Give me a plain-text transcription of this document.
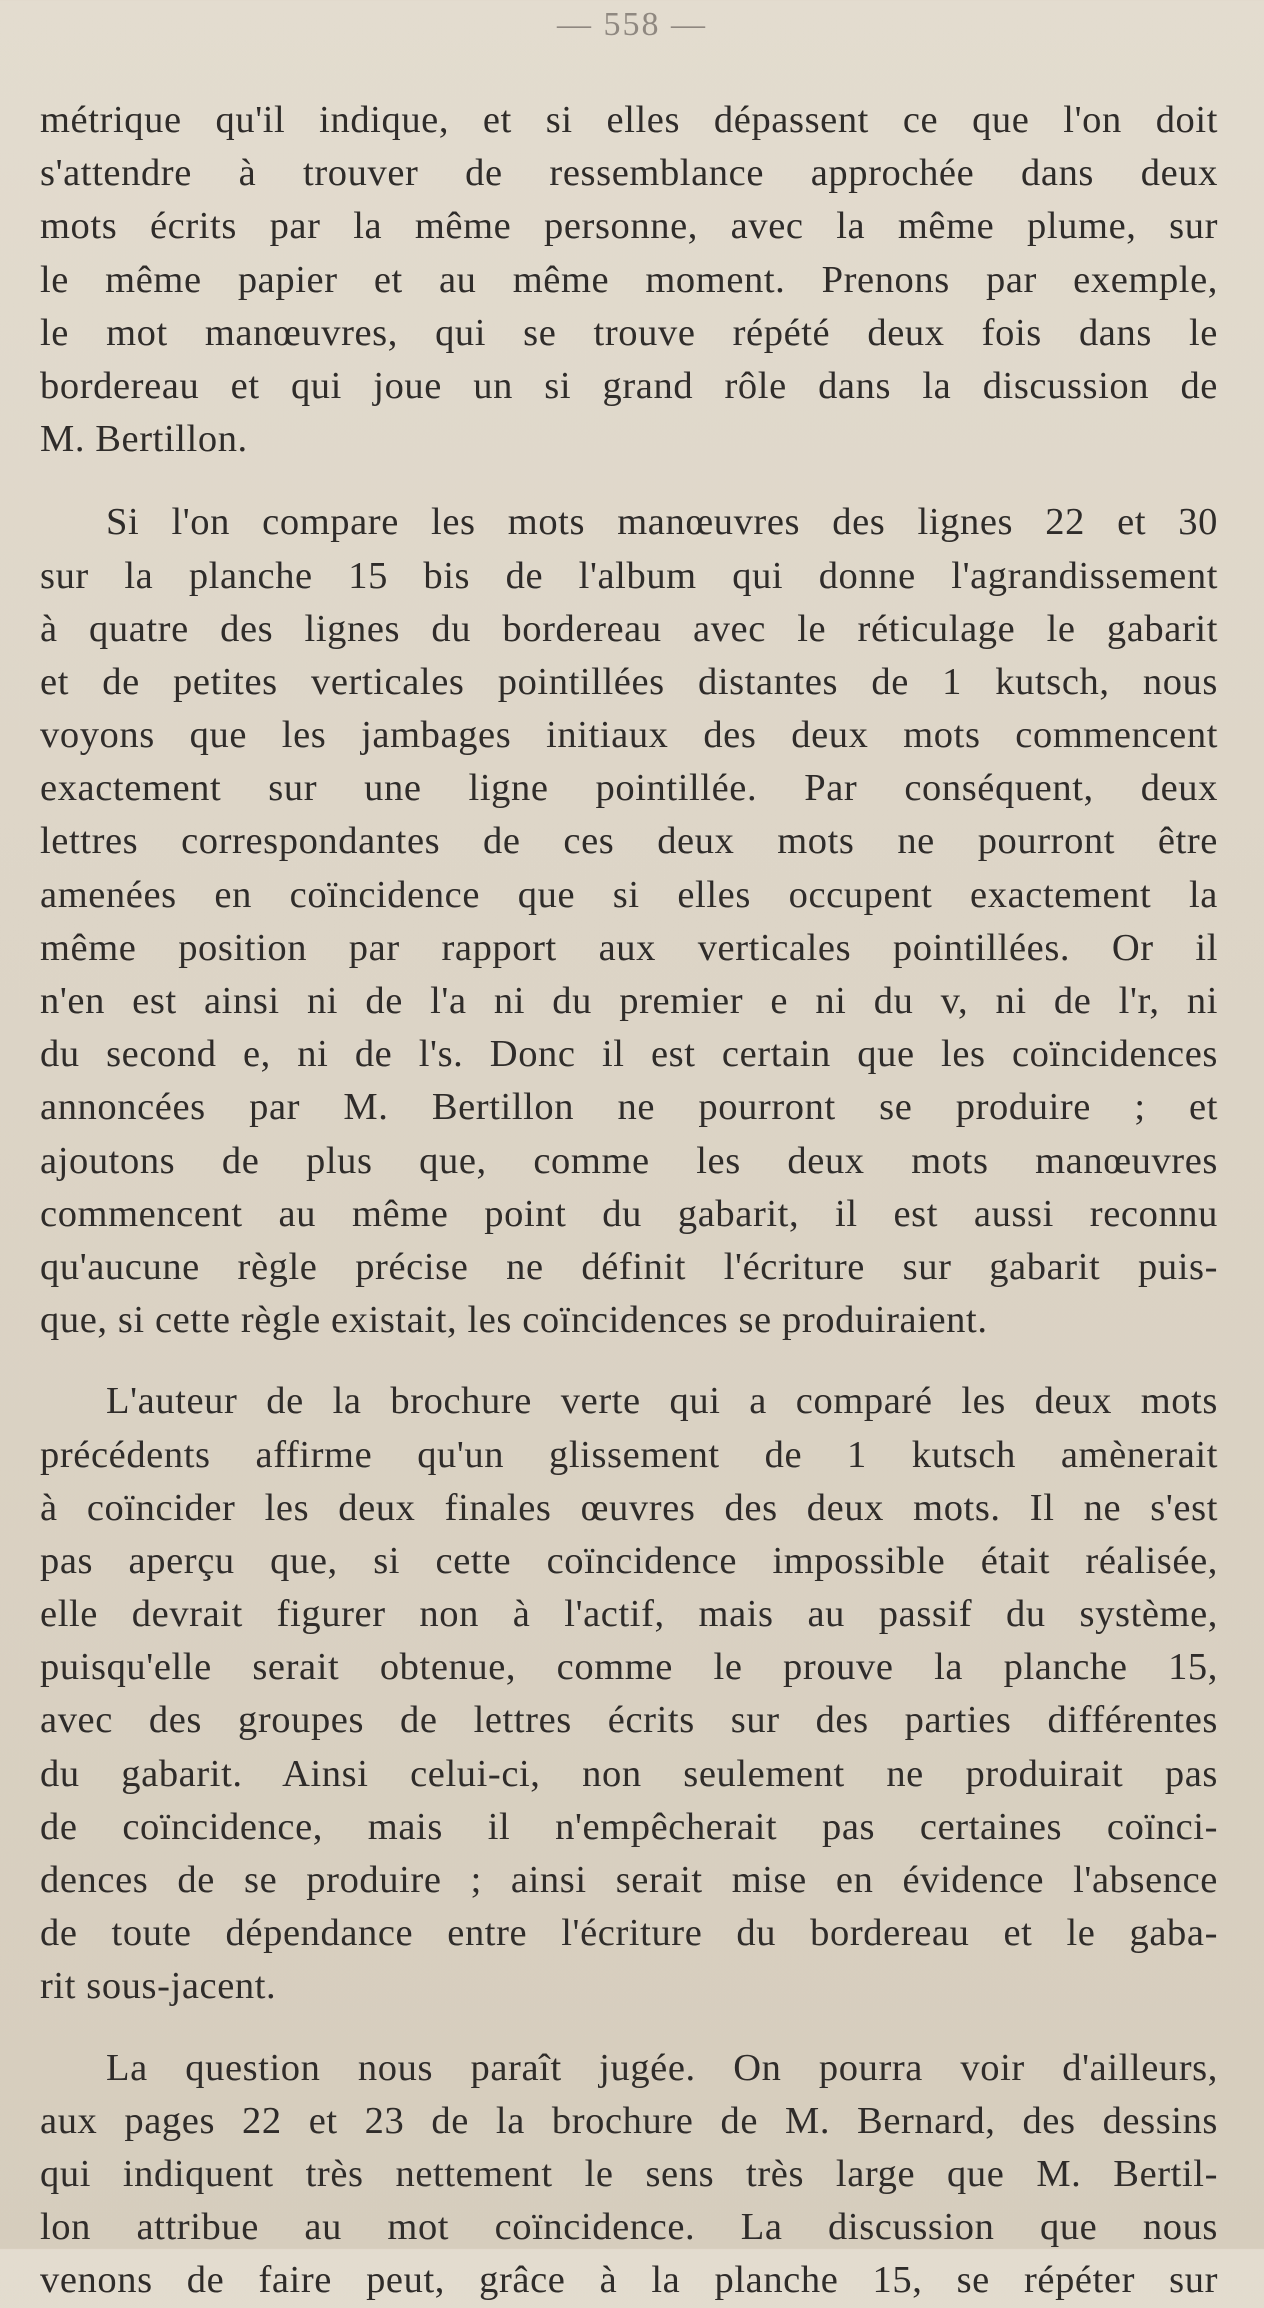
— 558 —
métrique qu'il indique, et si elles dépassent ce que l'on doit
s'attendre à trouver de ressemblance approchée dans deux
mots écrits par la même personne, avec la même plume, sur
le même papier et au même moment. Prenons par exemple,
le mot manœuvres, qui se trouve répété deux fois dans le
bordereau et qui joue un si grand rôle dans la discussion de
M. Bertillon.
Si l'on compare les mots manœuvres des lignes 22 et 30
sur la planche 15 bis de l'album qui donne l'agrandissement
à quatre des lignes du bordereau avec le réticulage le gabarit
et de petites verticales pointillées distantes de 1 kutsch, nous
voyons que les jambages initiaux des deux mots commencent
exactement sur une ligne pointillée. Par conséquent, deux
lettres correspondantes de ces deux mots ne pourront être
amenées en coïncidence que si elles occupent exactement la
même position par rapport aux verticales pointillées. Or il
n'en est ainsi ni de l'a ni du premier e ni du v, ni de l'r, ni
du second e, ni de l's. Donc il est certain que les coïncidences
annoncées par M. Bertillon ne pourront se produire ; et
ajoutons de plus que, comme les deux mots manœuvres
commencent au même point du gabarit, il est aussi reconnu
qu'aucune règle précise ne définit l'écriture sur gabarit puis-
que, si cette règle existait, les coïncidences se produiraient.
L'auteur de la brochure verte qui a comparé les deux mots
précédents affirme qu'un glissement de 1 kutsch amènerait
à coïncider les deux finales œuvres des deux mots. Il ne s'est
pas aperçu que, si cette coïncidence impossible était réalisée,
elle devrait figurer non à l'actif, mais au passif du système,
puisqu'elle serait obtenue, comme le prouve la planche 15,
avec des groupes de lettres écrits sur des parties différentes
du gabarit. Ainsi celui-ci, non seulement ne produirait pas
de coïncidence, mais il n'empêcherait pas certaines coïnci-
dences de se produire ; ainsi serait mise en évidence l'absence
de toute dépendance entre l'écriture du bordereau et le gaba-
rit sous-jacent.
La question nous paraît jugée. On pourra voir d'ailleurs,
aux pages 22 et 23 de la brochure de M. Bernard, des dessins
qui indiquent très nettement le sens très large que M. Bertil-
lon attribue au mot coïncidence. La discussion que nous
venons de faire peut, grâce à la planche 15, se répéter sur
